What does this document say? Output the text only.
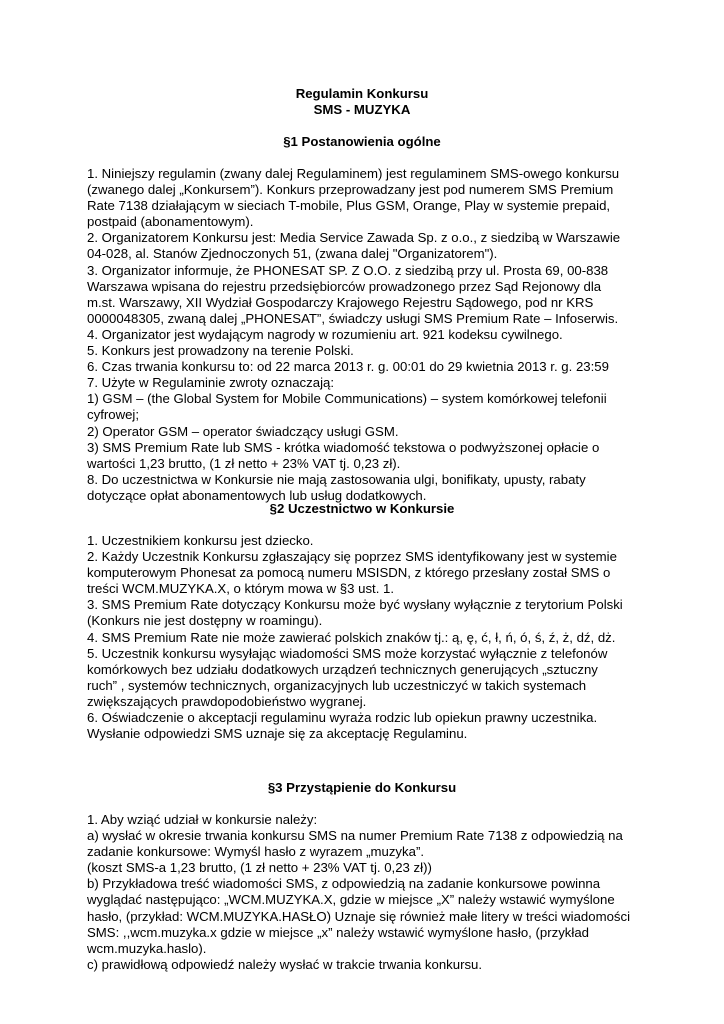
Regulamin Konkursu
SMS - MUZYKA
§1 Postanowienia ogólne
1. Niniejszy regulamin (zwany dalej Regulaminem) jest regulaminem SMS-owego konkursu
(zwanego dalej „Konkursem”). Konkurs przeprowadzany jest pod numerem SMS Premium
Rate 7138 działającym w sieciach T-mobile, Plus GSM, Orange, Play w systemie prepaid,
postpaid (abonamentowym).
2. Organizatorem Konkursu jest: Media Service Zawada Sp. z o.o., z siedzibą w Warszawie
04-028, al. Stanów Zjednoczonych 51, (zwana dalej "Organizatorem").
3. Organizator informuje, że PHONESAT SP. Z O.O. z siedzibą przy ul. Prosta 69, 00-838
Warszawa wpisana do rejestru przedsiębiorców prowadzonego przez Sąd Rejonowy dla
m.st. Warszawy, XII Wydział Gospodarczy Krajowego Rejestru Sądowego, pod nr KRS
0000048305, zwaną dalej „PHONESAT”, świadczy usługi SMS Premium Rate – Infoserwis.
4. Organizator jest wydającym nagrody w rozumieniu art. 921 kodeksu cywilnego.
5. Konkurs jest prowadzony na terenie Polski.
6. Czas trwania konkursu to: od 22 marca 2013 r. g. 00:01 do 29 kwietnia 2013 r. g. 23:59
7. Użyte w Regulaminie zwroty oznaczają:
1) GSM – (the Global System for Mobile Communications) – system komórkowej telefonii
cyfrowej;
2) Operator GSM – operator świadczący usługi GSM.
3) SMS Premium Rate lub SMS - krótka wiadomość tekstowa o podwyższonej opłacie o
wartości 1,23 brutto, (1 zł netto + 23% VAT tj. 0,23 zł).
8. Do uczestnictwa w Konkursie nie mają zastosowania ulgi, bonifikaty, upusty, rabaty
dotyczące opłat abonamentowych lub usług dodatkowych.
§2 Uczestnictwo w Konkursie
1. Uczestnikiem konkursu jest dziecko.
2. Każdy Uczestnik Konkursu zgłaszający się poprzez SMS identyfikowany jest w systemie
komputerowym Phonesat za pomocą numeru MSISDN, z którego przesłany został SMS o
treści WCM.MUZYKA.X, o którym mowa w §3 ust. 1.
3. SMS Premium Rate dotyczący Konkursu może być wysłany wyłącznie z terytorium Polski
(Konkurs nie jest dostępny w roamingu).
4. SMS Premium Rate nie może zawierać polskich znaków tj.: ą, ę, ć, ł, ń, ó, ś, ź, ż, dź, dż.
5. Uczestnik konkursu wysyłając wiadomości SMS może korzystać wyłącznie z telefonów
komórkowych bez udziału dodatkowych urządzeń technicznych generujących „sztuczny
ruch” , systemów technicznych, organizacyjnych lub uczestniczyć w takich systemach
zwiększających prawdopodobieństwo wygranej.
6. Oświadczenie o akceptacji regulaminu wyraża rodzic lub opiekun prawny uczestnika.
Wysłanie odpowiedzi SMS uznaje się za akceptację Regulaminu.
§3 Przystąpienie do Konkursu
1. Aby wziąć udział w konkursie należy:
a) wysłać w okresie trwania konkursu SMS na numer Premium Rate 7138 z odpowiedzią na
zadanie konkursowe: Wymyśl hasło z wyrazem „muzyka”.
(koszt SMS-a 1,23 brutto, (1 zł netto + 23% VAT tj. 0,23 zł))
b) Przykładowa treść wiadomości SMS, z odpowiedzią na zadanie konkursowe powinna
wyglądać następująco: „WCM.MUZYKA.X, gdzie w miejsce „X” należy wstawić wymyślone
hasło, (przykład: WCM.MUZYKA.HASŁO) Uznaje się również małe litery w treści wiadomości
SMS: ,,wcm.muzyka.x gdzie w miejsce „x” należy wstawić wymyślone hasło, (przykład
wcm.muzyka.haslo).
c) prawidłową odpowiedź należy wysłać w trakcie trwania konkursu.
